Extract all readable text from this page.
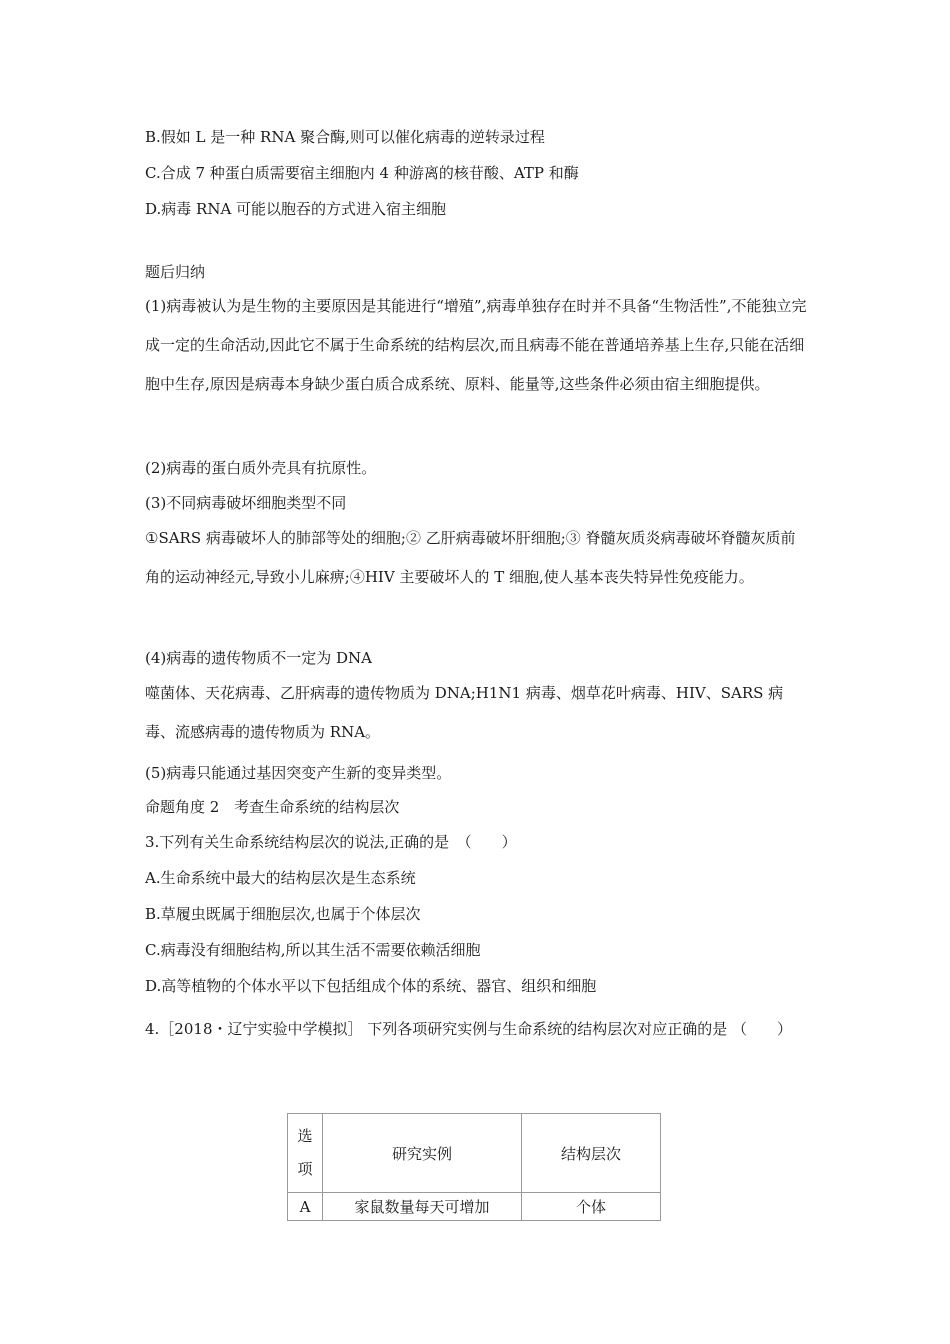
B.假如 L 是一种 RNA 聚合酶,则可以催化病毒的逆转录过程
C.合成 7 种蛋白质需要宿主细胞内 4 种游离的核苷酸、ATP 和酶
D.病毒 RNA 可能以胞吞的方式进入宿主细胞
题后归纳
(1)病毒被认为是生物的主要原因是其能进行“增殖”,病毒单独存在时并不具备“生物活性”,不能独立完成一定的生命活动,因此它不属于生命系统的结构层次,而且病毒不能在普通培养基上生存,只能在活细胞中生存,原因是病毒本身缺少蛋白质合成系统、原料、能量等,这些条件必须由宿主细胞提供。
(2)病毒的蛋白质外壳具有抗原性。
(3)不同病毒破坏细胞类型不同
①SARS 病毒破坏人的肺部等处的细胞;② 乙肝病毒破坏肝细胞;③ 脊髓灰质炎病毒破坏脊髓灰质前角的运动神经元,导致小儿麻痹;④HIV 主要破坏人的 T 细胞,使人基本丧失特异性免疫能力。
(4)病毒的遗传物质不一定为 DNA
噬菌体、天花病毒、乙肝病毒的遗传物质为 DNA;H1N1 病毒、烟草花叶病毒、HIV、SARS 病毒、流感病毒的遗传物质为 RNA。
(5)病毒只能通过基因突变产生新的变异类型。
命题角度 2　考查生命系统的结构层次
3.下列有关生命系统结构层次的说法,正确的是　（　　）
A.生命系统中最大的结构层次是生态系统
B.草履虫既属于细胞层次,也属于个体层次
C.病毒没有细胞结构,所以其生活不需要依赖活细胞
D.高等植物的个体水平以下包括组成个体的系统、器官、组织和细胞
4.［2018・辽宁实验中学模拟］ 下列各项研究实例与生命系统的结构层次对应正确的是 （　　）
选
项	研究实例	结构层次
A	家鼠数量每天可增加	个体
